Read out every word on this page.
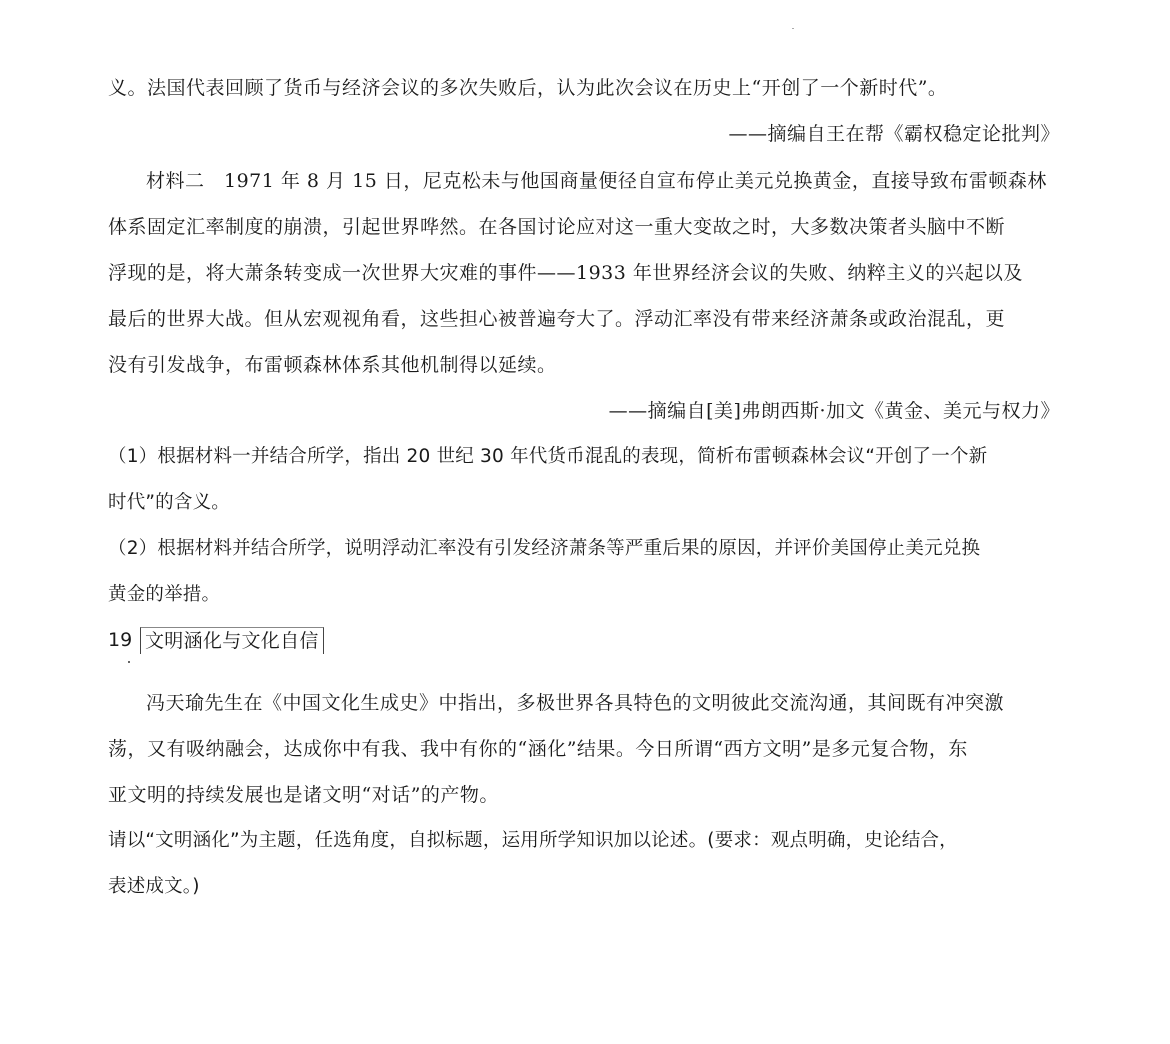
义。法国代表回顾了货币与经济会议的多次失败后，认为此次会议在历史上“开创了一个新时代”。
——摘编自王在帮《霸权稳定论批判》
材料二　1971 年 8 月 15 日，尼克松未与他国商量便径自宣布停止美元兑换黄金，直接导致布雷顿森林
体系固定汇率制度的崩溃，引起世界哗然。在各国讨论应对这一重大变故之时，大多数决策者头脑中不断
浮现的是，将大萧条转变成一次世界大灾难的事件——1933 年世界经济会议的失败、纳粹主义的兴起以及
最后的世界大战。但从宏观视角看，这些担心被普遍夸大了。浮动汇率没有带来经济萧条或政治混乱，更
没有引发战争，布雷顿森林体系其他机制得以延续。
——摘编自[美]弗朗西斯·加文《黄金、美元与权力》
（1）根据材料一并结合所学，指出 20 世纪 30 年代货币混乱的表现，简析布雷顿森林会议“开创了一个新
时代”的含义。
（2）根据材料并结合所学，说明浮动汇率没有引发经济萧条等严重后果的原因，并评价美国停止美元兑换
黄金的举措。
19 文明涵化与文化自信
冯天瑜先生在《中国文化生成史》中指出，多极世界各具特色的文明彼此交流沟通，其间既有冲突激
荡，又有吸纳融会，达成你中有我、我中有你的“涵化”结果。今日所谓“西方文明”是多元复合物，东
亚文明的持续发展也是诸文明“对话”的产物。
请以“文明涵化”为主题，任选角度，自拟标题，运用所学知识加以论述。(要求：观点明确，史论结合，
表述成文。)
